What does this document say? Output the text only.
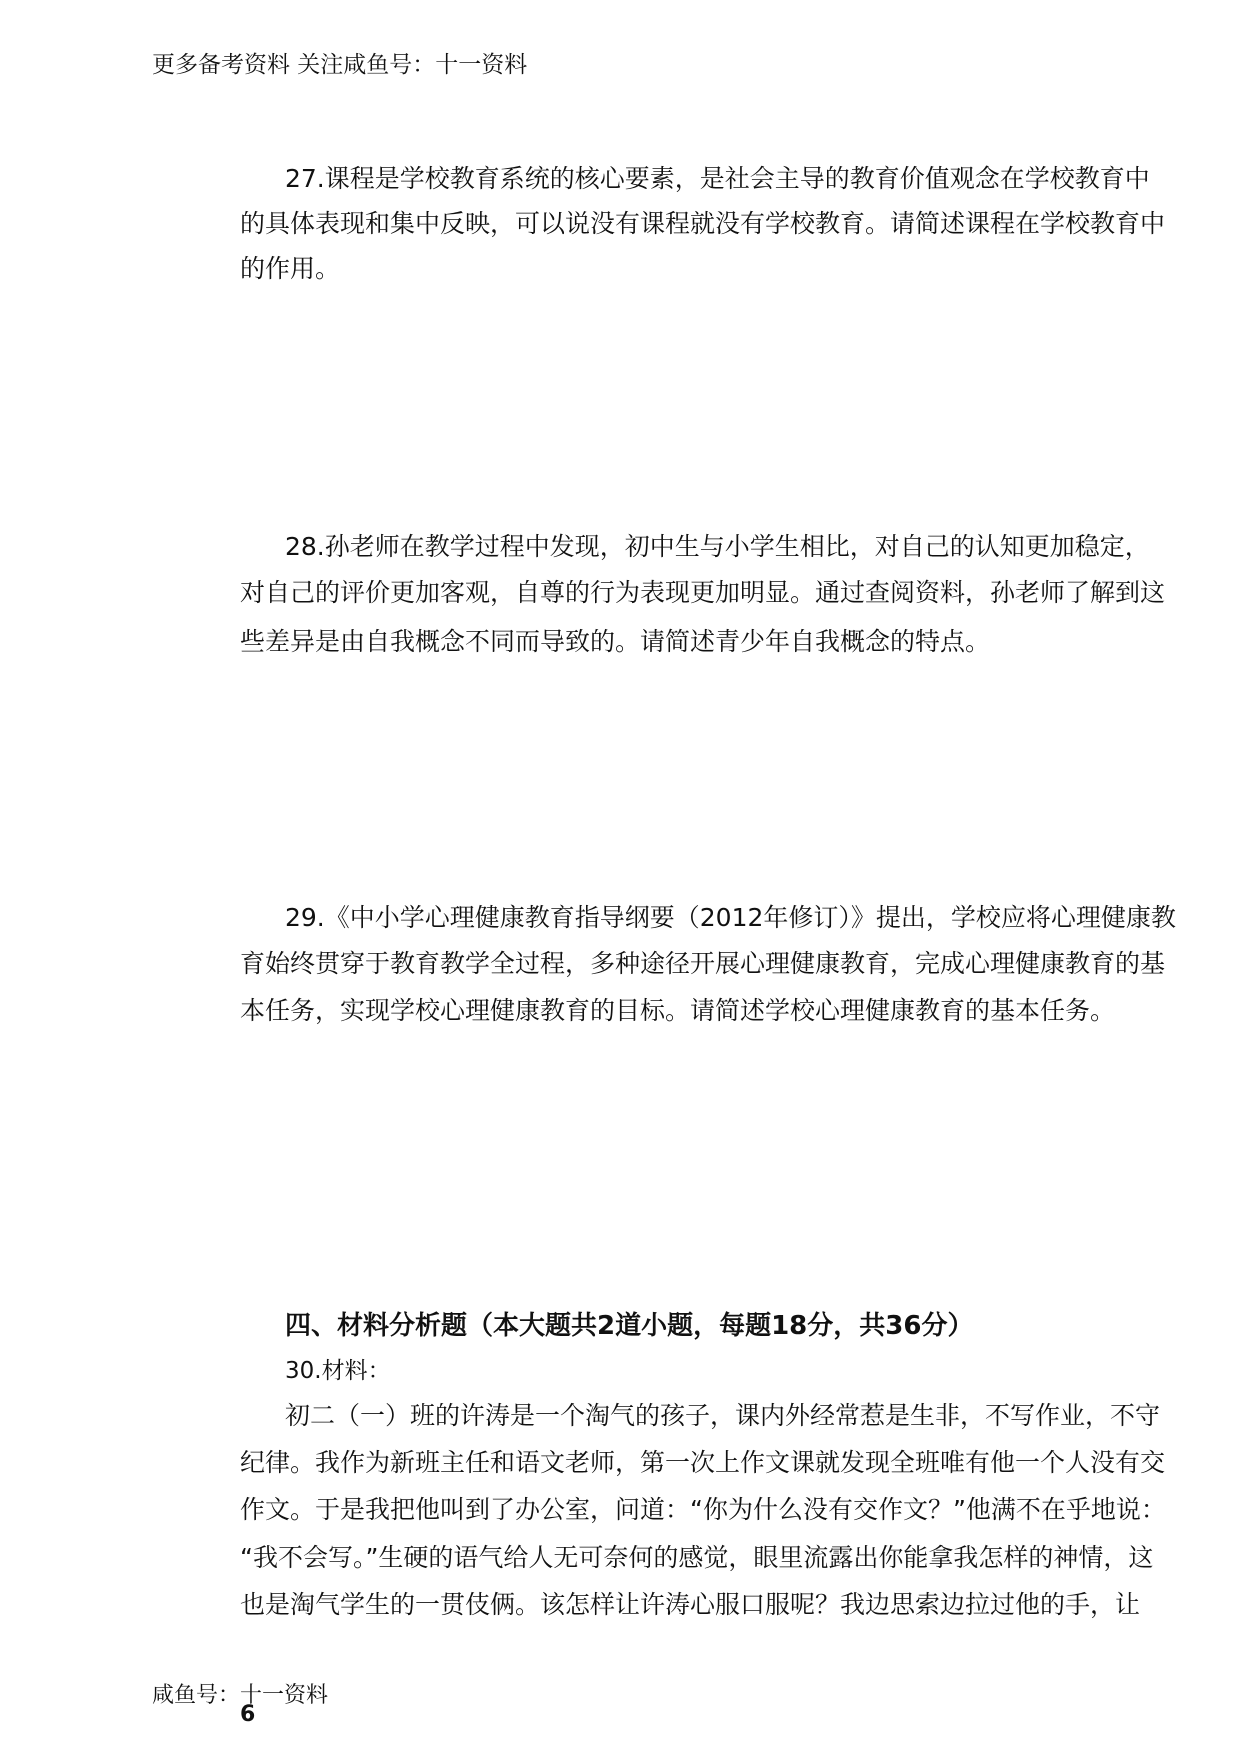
更多备考资料 关注咸鱼号：十一资料
27.课程是学校教育系统的核心要素，是社会主导的教育价值观念在学校教育中
的具体表现和集中反映，可以说没有课程就没有学校教育。请简述课程在学校教育中
的作用。
28.孙老师在教学过程中发现，初中生与小学生相比，对自己的认知更加稳定，
对自己的评价更加客观，自尊的行为表现更加明显。通过查阅资料，孙老师了解到这
些差异是由自我概念不同而导致的。请简述青少年自我概念的特点。
29.《中小学心理健康教育指导纲要（2012年修订）》提出，学校应将心理健康教
育始终贯穿于教育教学全过程，多种途径开展心理健康教育，完成心理健康教育的基
本任务，实现学校心理健康教育的目标。请简述学校心理健康教育的基本任务。
四、材料分析题（本大题共2道小题，每题18分，共36分）
30.材料：
初二（一）班的许涛是一个淘气的孩子，课内外经常惹是生非，不写作业，不守
纪律。我作为新班主任和语文老师，第一次上作文课就发现全班唯有他一个人没有交
作文。于是我把他叫到了办公室，问道：“你为什么没有交作文？”他满不在乎地说：
“我不会写。”生硬的语气给人无可奈何的感觉，眼里流露出你能拿我怎样的神情，这
也是淘气学生的一贯伎俩。该怎样让许涛心服口服呢？我边思索边拉过他的手，让
咸鱼号：十一资料
6
